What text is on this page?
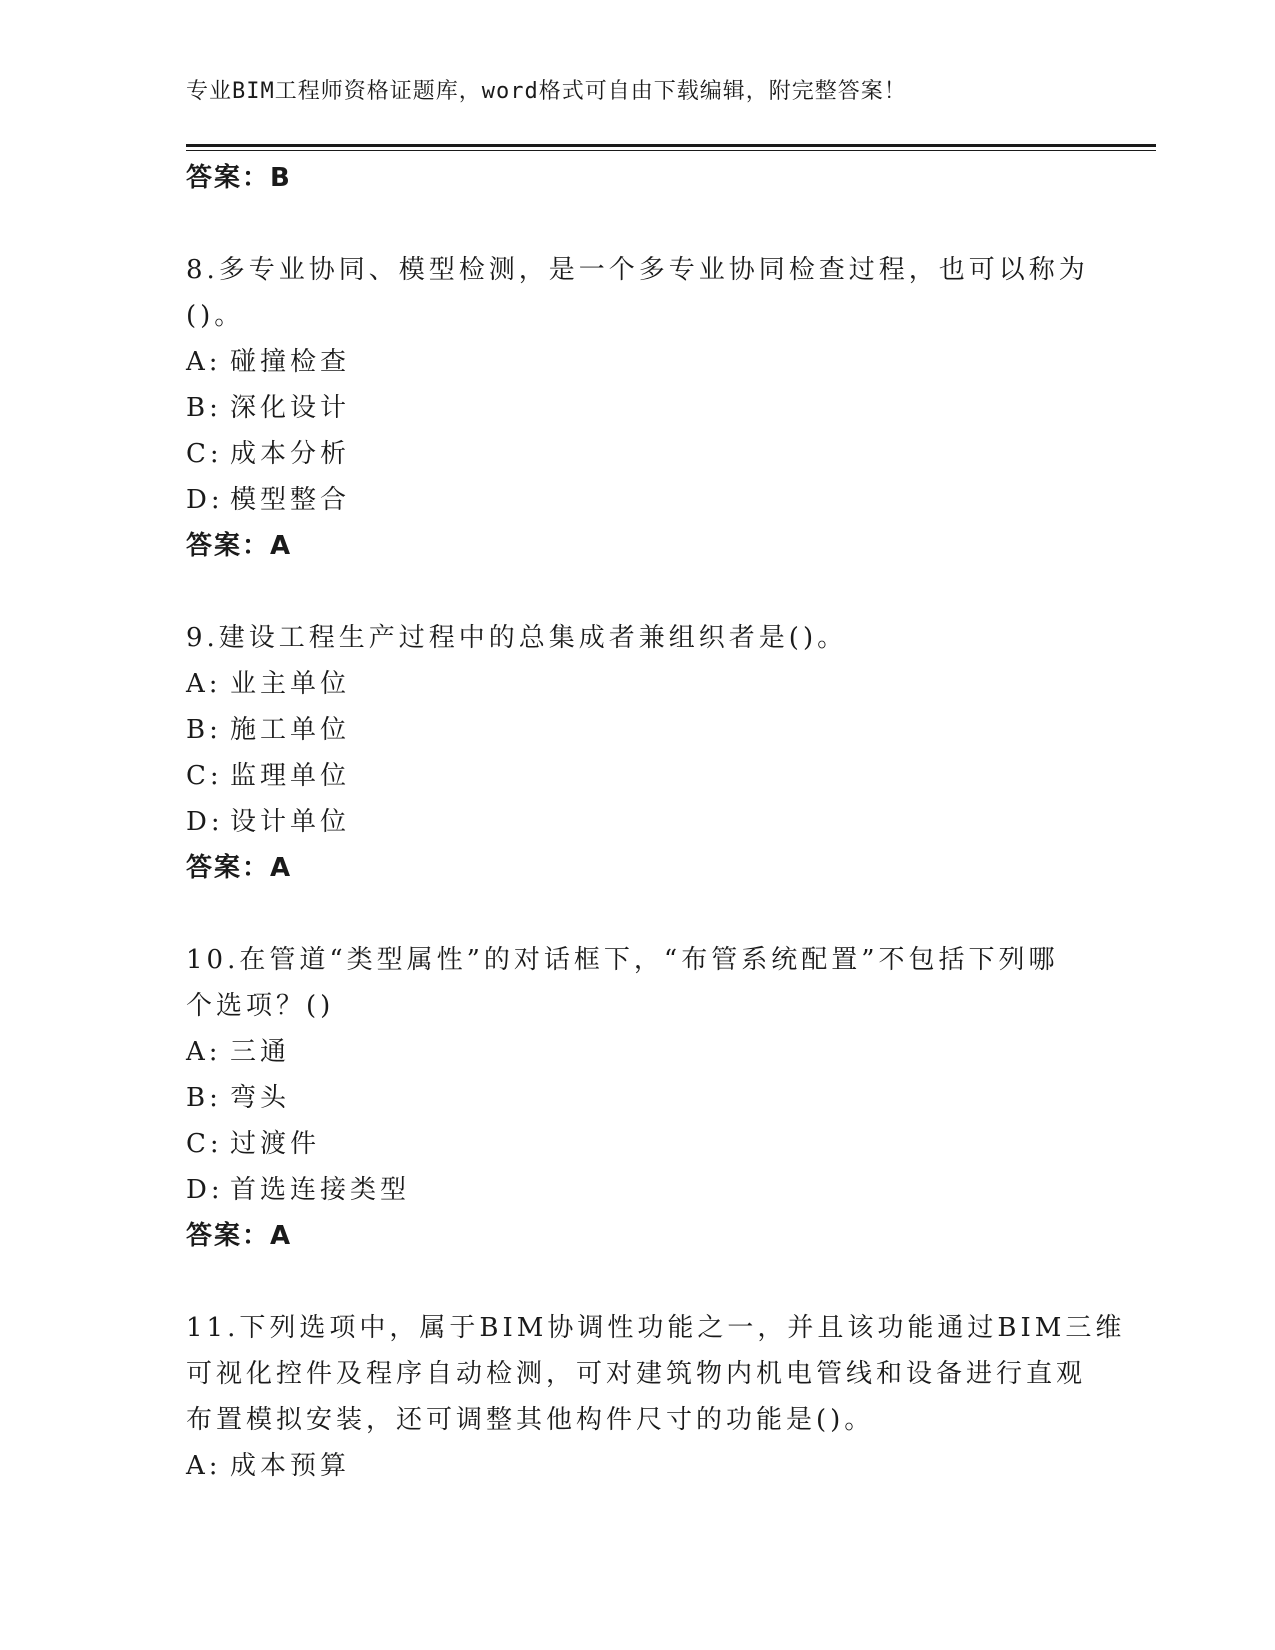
专业BIM工程师资格证题库，word格式可自由下载编辑，附完整答案！
答案：B
8.多专业协同、模型检测，是一个多专业协同检查过程，也可以称为
()。
A: 碰撞检查
B: 深化设计
C: 成本分析
D: 模型整合
答案：A
9.建设工程生产过程中的总集成者兼组织者是()。
A: 业主单位
B: 施工单位
C: 监理单位
D: 设计单位
答案：A
10.在管道“类型属性”的对话框下，“布管系统配置”不包括下列哪
个选项？()
A: 三通
B: 弯头
C: 过渡件
D: 首选连接类型
答案：A
11.下列选项中，属于BIM协调性功能之一，并且该功能通过BIM三维
可视化控件及程序自动检测，可对建筑物内机电管线和设备进行直观
布置模拟安装，还可调整其他构件尺寸的功能是()。
A: 成本预算
